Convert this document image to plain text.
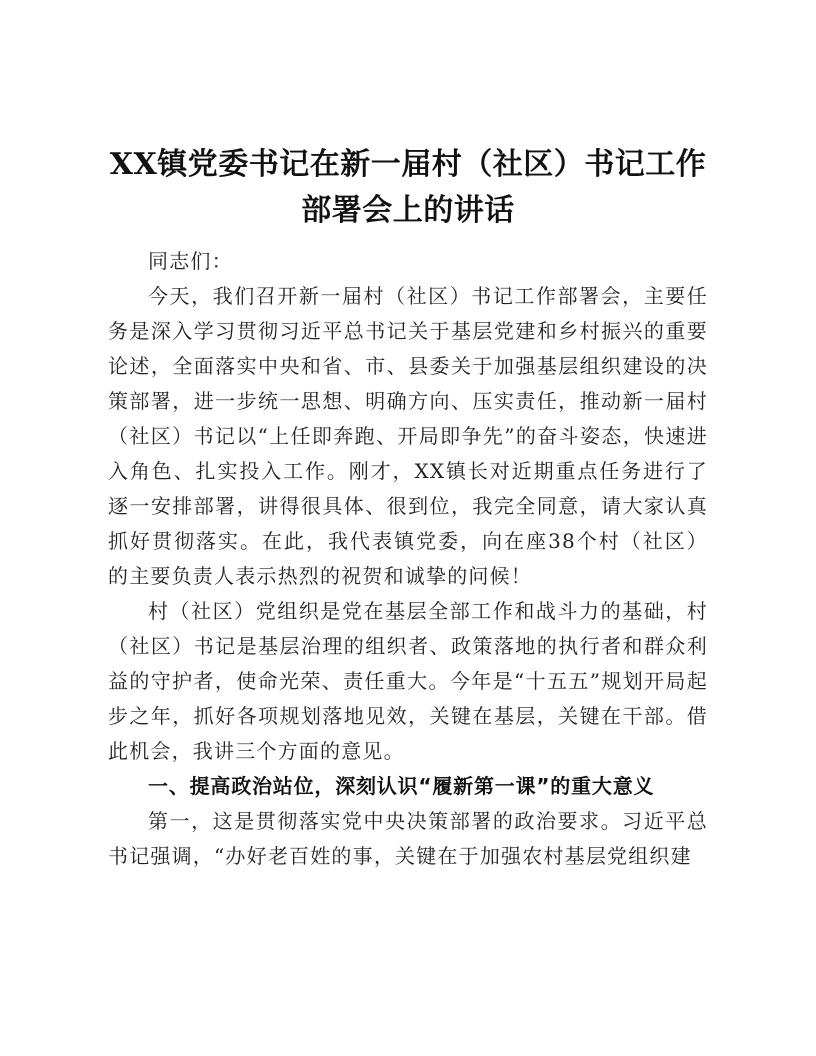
XX镇党委书记在新一届村（社区）书记工作部署会上的讲话

同志们：

今天，我们召开新一届村（社区）书记工作部署会，主要任务是深入学习贯彻习近平总书记关于基层党建和乡村振兴的重要论述，全面落实中央和省、市、县委关于加强基层组织建设的决策部署，进一步统一思想、明确方向、压实责任，推动新一届村（社区）书记以“上任即奔跑、开局即争先”的奋斗姿态，快速进入角色、扎实投入工作。刚才，XX镇长对近期重点任务进行了逐一安排部署，讲得很具体、很到位，我完全同意，请大家认真抓好贯彻落实。在此，我代表镇党委，向在座38个村（社区）的主要负责人表示热烈的祝贺和诚挚的问候！

村（社区）党组织是党在基层全部工作和战斗力的基础，村（社区）书记是基层治理的组织者、政策落地的执行者和群众利益的守护者，使命光荣、责任重大。今年是“十五五”规划开局起步之年，抓好各项规划落地见效，关键在基层，关键在干部。借此机会，我讲三个方面的意见。

一、提高政治站位，深刻认识“履新第一课”的重大意义

第一，这是贯彻落实党中央决策部署的政治要求。习近平总书记强调，“办好老百姓的事，关键在于加强农村基层党组织建
